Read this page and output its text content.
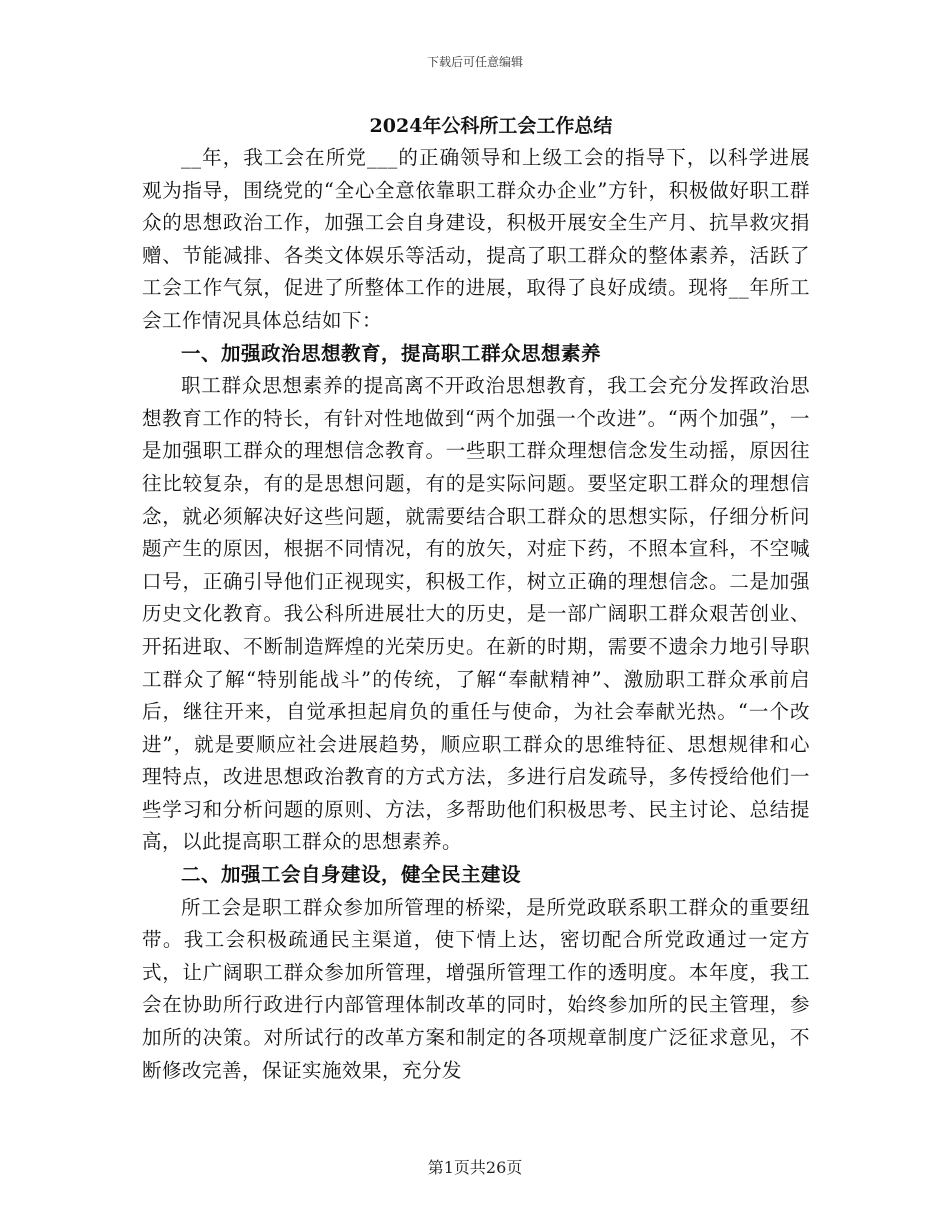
下载后可任意编辑

2024年公科所工会工作总结

__年，我工会在所党___的正确领导和上级工会的指导下，以科学进展观为指导，围绕党的“全心全意依靠职工群众办企业”方针，积极做好职工群众的思想政治工作，加强工会自身建设，积极开展安全生产月、抗旱救灾捐赠、节能减排、各类文体娱乐等活动，提高了职工群众的整体素养，活跃了工会工作气氛，促进了所整体工作的进展，取得了良好成绩。现将__年所工会工作情况具体总结如下：

一、加强政治思想教育，提高职工群众思想素养

职工群众思想素养的提高离不开政治思想教育，我工会充分发挥政治思想教育工作的特长，有针对性地做到“两个加强一个改进”。“两个加强”，一是加强职工群众的理想信念教育。一些职工群众理想信念发生动摇，原因往往比较复杂，有的是思想问题，有的是实际问题。要坚定职工群众的理想信念，就必须解决好这些问题，就需要结合职工群众的思想实际，仔细分析问题产生的原因，根据不同情况，有的放矢，对症下药，不照本宣科，不空喊口号，正确引导他们正视现实，积极工作，树立正确的理想信念。二是加强历史文化教育。我公科所进展壮大的历史，是一部广阔职工群众艰苦创业、开拓进取、不断制造辉煌的光荣历史。在新的时期，需要不遗余力地引导职工群众了解“特别能战斗”的传统，了解“奉献精神”、激励职工群众承前启后，继往开来，自觉承担起肩负的重任与使命，为社会奉献光热。“一个改进”，就是要顺应社会进展趋势，顺应职工群众的思维特征、思想规律和心理特点，改进思想政治教育的方式方法，多进行启发疏导，多传授给他们一些学习和分析问题的原则、方法，多帮助他们积极思考、民主讨论、总结提高，以此提高职工群众的思想素养。

二、加强工会自身建设，健全民主建设

所工会是职工群众参加所管理的桥梁，是所党政联系职工群众的重要纽带。我工会积极疏通民主渠道，使下情上达，密切配合所党政通过一定方式，让广阔职工群众参加所管理，增强所管理工作的透明度。本年度，我工会在协助所行政进行内部管理体制改革的同时，始终参加所的民主管理，参加所的决策。对所试行的改革方案和制定的各项规章制度广泛征求意见，不断修改完善，保证实施效果，充分发

第1页共26页
